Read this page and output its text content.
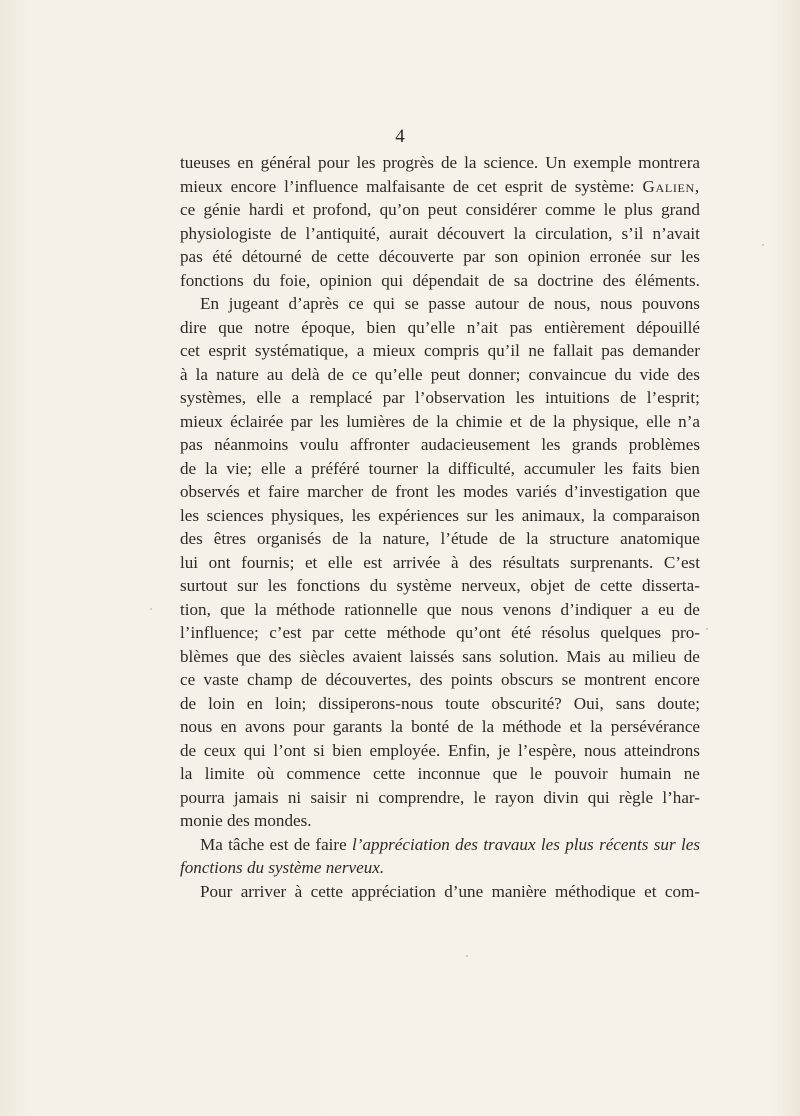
4
tueuses en général pour les progrès de la science. Un exemple montrera
mieux encore l’influence malfaisante de cet esprit de système: Galien,
ce génie hardi et profond, qu’on peut considérer comme le plus grand
physiologiste de l’antiquité, aurait découvert la circulation, s’il n’avait
pas été détourné de cette découverte par son opinion erronée sur les
fonctions du foie, opinion qui dépendait de sa doctrine des éléments.
En jugeant d’après ce qui se passe autour de nous, nous pouvons
dire que notre époque, bien qu’elle n’ait pas entièrement dépouillé
cet esprit systématique, a mieux compris qu’il ne fallait pas demander
à la nature au delà de ce qu’elle peut donner; convaincue du vide des
systèmes, elle a remplacé par l’observation les intuitions de l’esprit;
mieux éclairée par les lumières de la chimie et de la physique, elle n’a
pas néanmoins voulu affronter audacieusement les grands problèmes
de la vie; elle a préféré tourner la difficulté, accumuler les faits bien
observés et faire marcher de front les modes variés d’investigation que
les sciences physiques, les expériences sur les animaux, la comparaison
des êtres organisés de la nature, l’étude de la structure anatomique
lui ont fournis; et elle est arrivée à des résultats surprenants. C’est
surtout sur les fonctions du système nerveux, objet de cette disserta-
tion, que la méthode rationnelle que nous venons d’indiquer a eu de
l’influence; c’est par cette méthode qu’ont été résolus quelques pro-
blèmes que des siècles avaient laissés sans solution. Mais au milieu de
ce vaste champ de découvertes, des points obscurs se montrent encore
de loin en loin; dissiperons-nous toute obscurité? Oui, sans doute;
nous en avons pour garants la bonté de la méthode et la persévérance
de ceux qui l’ont si bien employée. Enfin, je l’espère, nous atteindrons
la limite où commence cette inconnue que le pouvoir humain ne
pourra jamais ni saisir ni comprendre, le rayon divin qui règle l’har-
monie des mondes.
Ma tâche est de faire l’appréciation des travaux les plus récents sur les
fonctions du système nerveux.
Pour arriver à cette appréciation d’une manière méthodique et com-
